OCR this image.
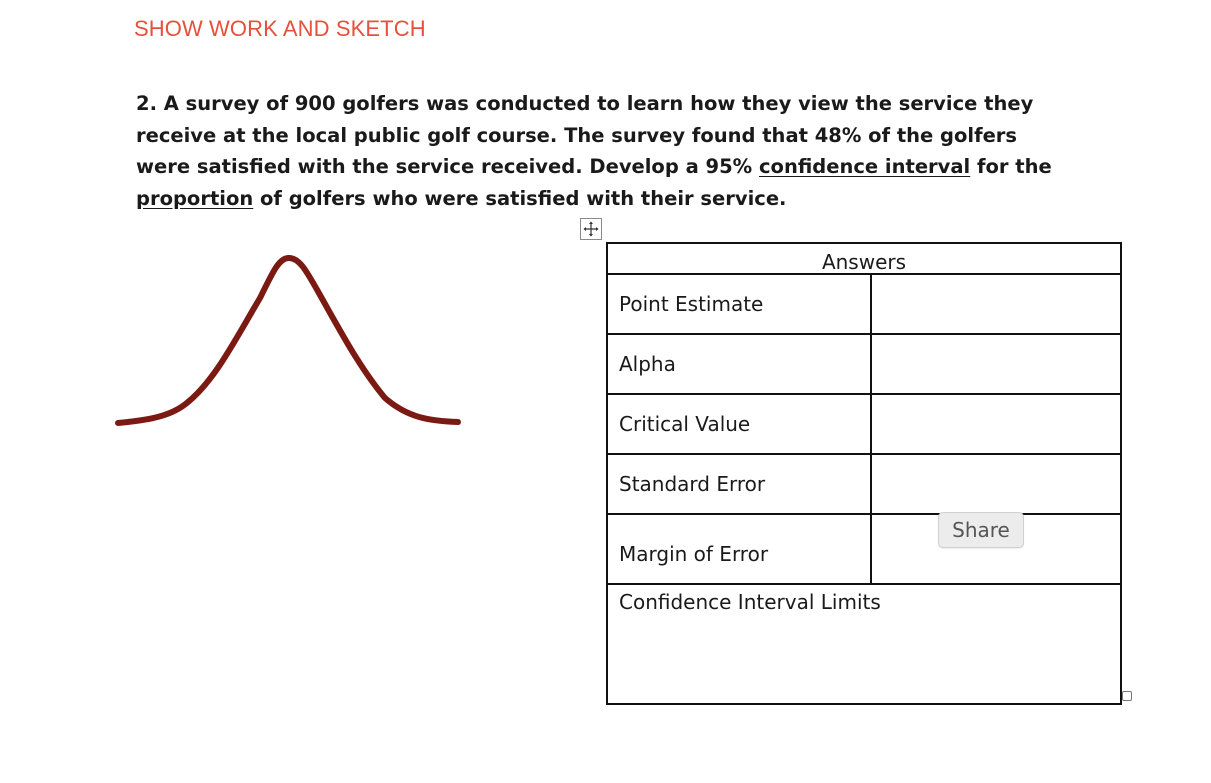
SHOW WORK AND SKETCH
2. A survey of 900 golfers was conducted to learn how they view the service they receive at the local public golf course. The survey found that 48% of the golfers were satisfied with the service received. Develop a 95% confidence interval for the proportion of golfers who were satisfied with their service.
Answers	
Point Estimate	
Alpha	
Critical Value	
Standard Error	
Margin of Error	
Confidence Interval Limits	
Share
